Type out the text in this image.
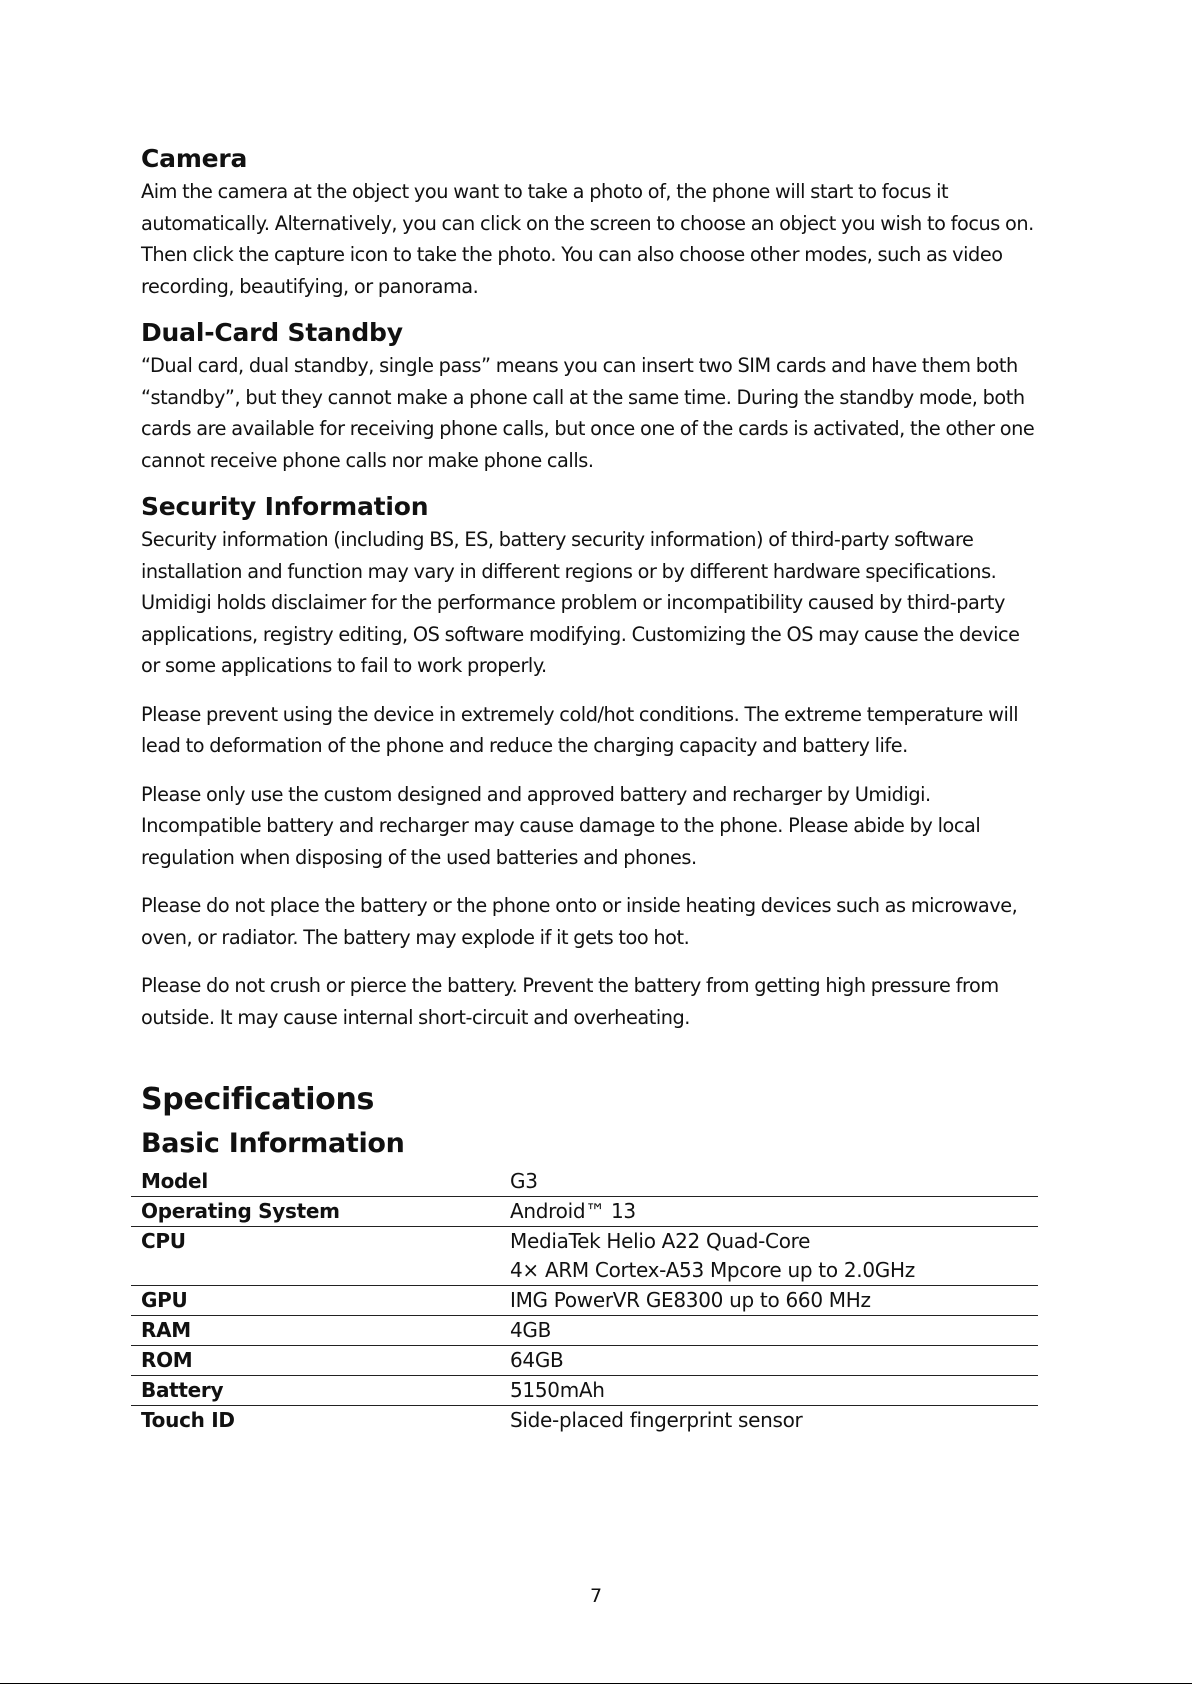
Camera

Aim the camera at the object you want to take a photo of, the phone will start to focus it automatically. Alternatively, you can click on the screen to choose an object you wish to focus on. Then click the capture icon to take the photo. You can also choose other modes, such as video recording, beautifying, or panorama.

Dual-Card Standby

“Dual card, dual standby, single pass” means you can insert two SIM cards and have them both “standby”, but they cannot make a phone call at the same time. During the standby mode, both cards are available for receiving phone calls, but once one of the cards is activated, the other one cannot receive phone calls nor make phone calls.

Security Information

Security information (including BS, ES, battery security information) of third-party software installation and function may vary in different regions or by different hardware specifications. Umidigi holds disclaimer for the performance problem or incompatibility caused by third-party applications, registry editing, OS software modifying. Customizing the OS may cause the device or some applications to fail to work properly.

Please prevent using the device in extremely cold/hot conditions. The extreme temperature will lead to deformation of the phone and reduce the charging capacity and battery life.

Please only use the custom designed and approved battery and recharger by Umidigi. Incompatible battery and recharger may cause damage to the phone. Please abide by local regulation when disposing of the used batteries and phones.

Please do not place the battery or the phone onto or inside heating devices such as microwave, oven, or radiator. The battery may explode if it gets too hot.

Please do not crush or pierce the battery. Prevent the battery from getting high pressure from outside. It may cause internal short-circuit and overheating.

Specifications
Basic Information
Model	G3
Operating System	Android™ 13
CPU	MediaTek Helio A22 Quad-Core
4× ARM Cortex-A53 Mpcore up to 2.0GHz

GPU	IMG PowerVR GE8300 up to 660 MHz
RAM	4GB
ROM	64GB
Battery	5150mAh
Touch ID	Side-placed fingerprint sensor
7
